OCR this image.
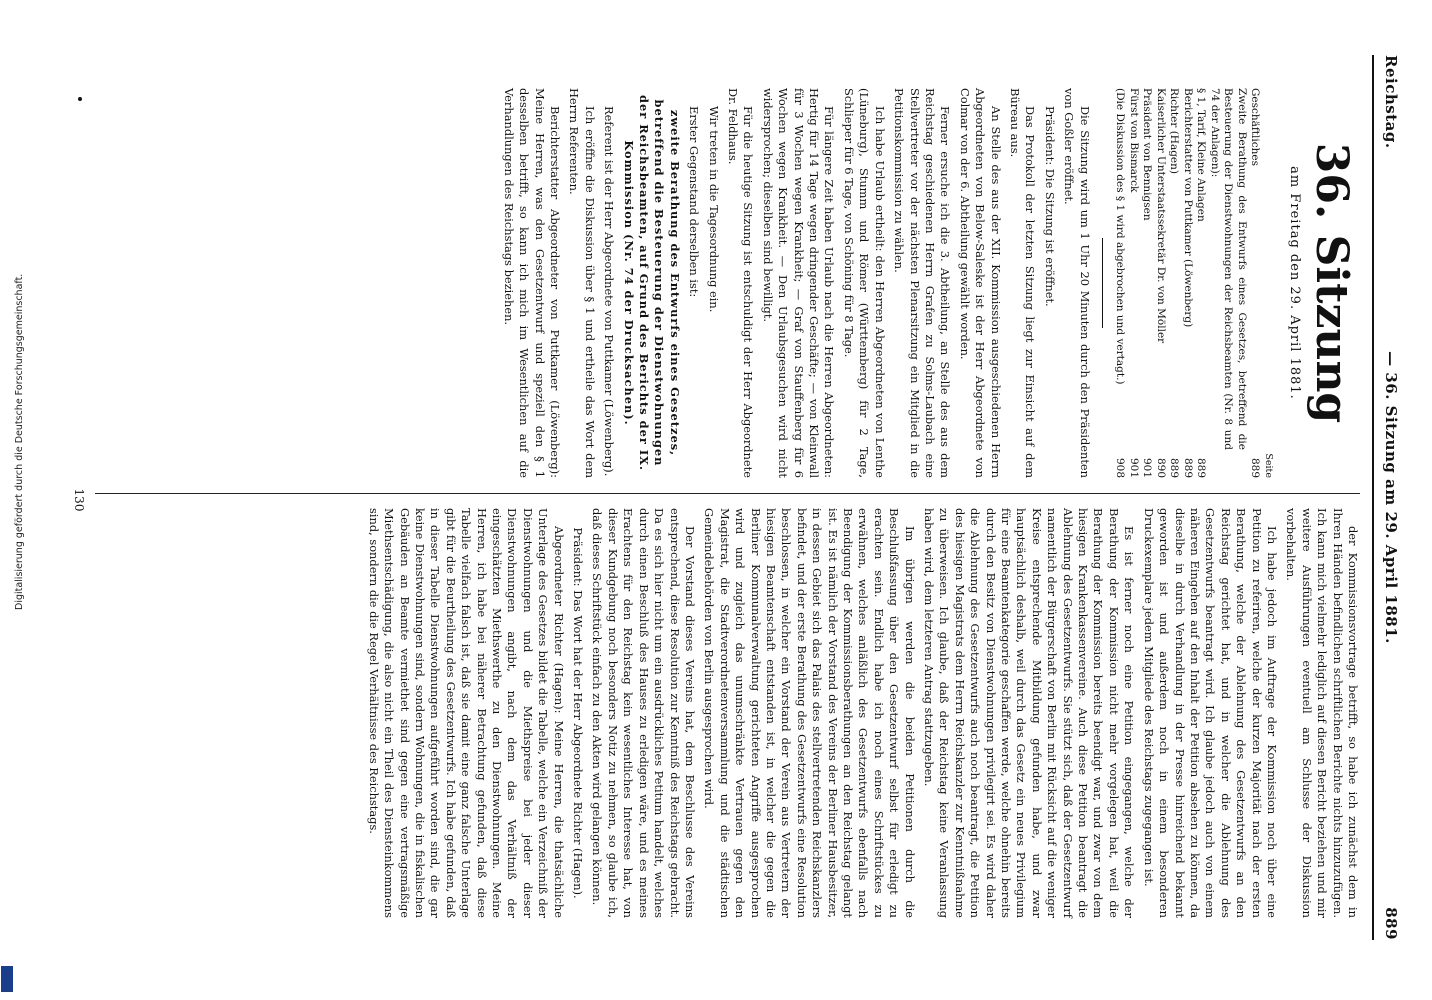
Reichstag.
— 36. Sitzung am 29. April 1881.
889
36. Sitzung
am Freitag den 29. April 1881.
Seite
Geschäftliches
889
Zweite Berathung des Entwurfs eines Gesetzes, betreffend die Besteuerung der Dienstwohnungen der Reichsbeamten (Nr. 8 und 74 der Anlagen):
§ 1, Tarif, Kleine Anlagen
889
Berichterstatter von Puttkamer (Löwenberg)
889
Richter (Hagen)
889
Kaiserlicher Unterstaatssekretär Dr. von Möller
890
Präsident von Bennigsen
901
Fürst von Bismarck
901
(Die Diskussion des § 1 wird abgebrochen und vertagt.)
908

Die Sitzung wird um 1 Uhr 20 Minuten durch den Präsidenten von Goßler eröffnet.

Präsident: Die Sitzung ist eröffnet.

Das Protokoll der letzten Sitzung liegt zur Einsicht auf dem Büreau aus.

An Stelle des aus der XII. Kommission ausgeschiedenen Herrn Abgeordneten von Below-Saleske ist der Herr Abgeordnete von Colmar von der 6. Abtheilung gewählt worden.

Ferner ersuche ich die 3. Abtheilung, an Stelle des aus dem Reichstag geschiedenen Herrn Grafen zu Solms-Laubach eine Stellvertreter vor der nächsten Plenarsitzung ein Mitglied in die Petitionskommission zu wählen.

Ich habe Urlaub ertheilt: den Herren Abgeordneten von Lenthe (Lüneburg), Stumm und Römer (Württemberg) für 2 Tage, Schlieper für 6 Tage, von Schöning für 8 Tage.

Für längere Zeit haben Urlaub nach die Herren Abgeordneten: Hertig für 14 Tage wegen dringender Geschäfte; — von Kleinwall für 3 Wochen wegen Krankheit; — Graf von Stauffenberg für 6 Wochen wegen Krankheit. — Den Urlaubsgesuchen wird nicht widersprochen; dieselben sind bewilligt.

Für die heutige Sitzung ist entschuldigt der Herr Abgeordnete Dr. Feldhaus.

Wir treten in die Tagesordnung ein.

Erster Gegenstand derselben ist:

zweite Berathung des Entwurfs eines Gesetzes, betreffend die Besteuerung der Dienstwohnungen der Reichsbeamten, auf Grund des Berichts der IX. Kommission (Nr. 74 der Drucksachen).

Referent ist der Herr Abgeordnete von Puttkamer (Löwenberg).

Ich eröffne die Diskussion über § 1 und ertheile das Wort dem Herrn Referenten.

Berichterstatter Abgeordneter von Puttkamer (Löwenberg): Meine Herren, was den Gesetzentwurf und speziell den § 1 desselben betrifft, so kann ich mich im Wesentlichen auf die Verhandlungen des Reichstags beziehen.

der Kommissionsvortrage betrifft, so habe ich zunächst dem in Ihren Händen befindlichen schriftlichen Berichte nichts hinzuzufügen. Ich kann mich vielmehr lediglich auf diesen Bericht beziehen und mir weitere Ausführungen eventuell am Schlusse der Diskussion vorbehalten.

Ich habe jedoch im Auftrage der Kommission noch über eine Petition zu referiren, welche der kurzen Majorität nach der ersten Berathung, welche der Ablehnung des Gesetzentwurfs an den Reichstag gerichtet hat, und in welcher die Ablehnung des Gesetzentwurfs beantragt wird. Ich glaube jedoch auch von einem näheren Eingehen auf den Inhalt der Petition absehen zu können, da dieselbe in durch Verhandlung in der Presse hinreichend bekannt geworden ist und außerdem noch in einem besonderen Druckexemplare jedem Mitgliede des Reichstags zugegangen ist.

Es ist ferner noch eine Petition eingegangen, welche der Berathung der Kommission nicht mehr vorgelegen hat, weil die Berathung der Kommission bereits beendigt war, und zwar von dem hiesigen Krankenkassenvereine. Auch diese Petition beantragt die Ablehnung des Gesetzentwurfs. Sie stützt sich, daß der Gesetzentwurf namentlich der Bürgerschaft von Berlin mit Rücksicht auf die weniger Kreise entsprechende Mitbildung gefunden habe, und zwar hauptsächlich deshalb, weil durch das Gesetz ein neues Privilegium für eine Beamtenkategorie geschaffen werde, welche ohnehin bereits durch den Besitz von Dienstwohnungen privilegirt sei. Es wird daher die Ablehnung des Gesetzentwurfs auch noch beantragt, die Petition des hiesigen Magistrats dem Herrn Reichskanzler zur Kenntnißnahme zu überweisen. Ich glaube, daß der Reichstag keine Veranlassung haben wird, dem letzteren Antrag stattzugeben.

Im übrigen werden die beiden Petitionen durch die Beschlußfassung über den Gesetzentwurf selbst für erledigt zu erachten sein. Endlich habe ich noch eines Schriftstückes zu erwähnen, welches anläßlich des Gesetzentwurfs ebenfalls nach Beendigung der Kommissionsberathungen an den Reichstag gelangt ist. Es ist nämlich der Vorstand des Vereins der Berliner Hausbesitzer, in dessen Gebiet sich das Palais des stellvertretenden Reichskanzlers befindet, und der erste Berathung des Gesetzentwurfs eine Resolution beschlossen, in welcher ein Vorstand der Verein aus Vertretern der hiesigen Beamtenschaft entstanden ist, in welcher die gegen die Berliner Kommunalverwaltung gerichteten Angriffe ausgesprochen wird und zugleich das unumschränkte Vertrauen gegen den Magistrat, die Stadtverordnetenversammlung und die städtischen Gemeindebehörden von Berlin ausgesprochen wird.

Der Vorstand dieses Vereins hat, dem Beschlusse des Vereins entsprechend, diese Resolution zur Kenntniß des Reichstags gebracht. Da es sich hier nicht um ein ausdrückliches Petitum handelt, welches durch einen Beschluß des Hauses zu erledigen wäre, und es meines Erachtens für den Reichstag kein wesentliches Interesse hat, von dieser Kundgebung noch besonders Notiz zu nehmen, so glaube ich, daß dieses Schriftstück einfach zu den Akten wird gelangen können.

Präsident: Das Wort hat der Herr Abgeordnete Richter (Hagen).

Abgeordneter Richter (Hagen): Meine Herren, die thatsächliche Unterlage des Gesetzes bildet die Tabelle, welche ein Verzeichniß der Dienstwohnungen und die Miethspreise bei jeder dieser Dienstwohnungen angibt, nach dem das Verhältniß der eingeschätzten Miethswerthe zu den Dienstwohnungen. Meine Herren, ich habe bei näherer Betrachtung gefunden, daß diese Tabelle vielfach falsch ist, daß sie damit eine ganz falsche Unterlage gibt für die Beurtheilung des Gesetzentwurfs. Ich habe gefunden, daß in dieser Tabelle Dienstwohnungen aufgeführt worden sind, die gar keine Dienstwohnungen sind, sondern Wohnungen, die in fiskalischen Gebäuden an Beamte vermiethet sind gegen eine vertragsmäßige Miethsentschädigung, die also nicht ein Theil des Diensteinkommens sind, sondern die die Regel Verhältnisse des Reichstags.

130
Digitalisierung gefördert durch die Deutsche Forschungsgemeinschaft.
DFG
